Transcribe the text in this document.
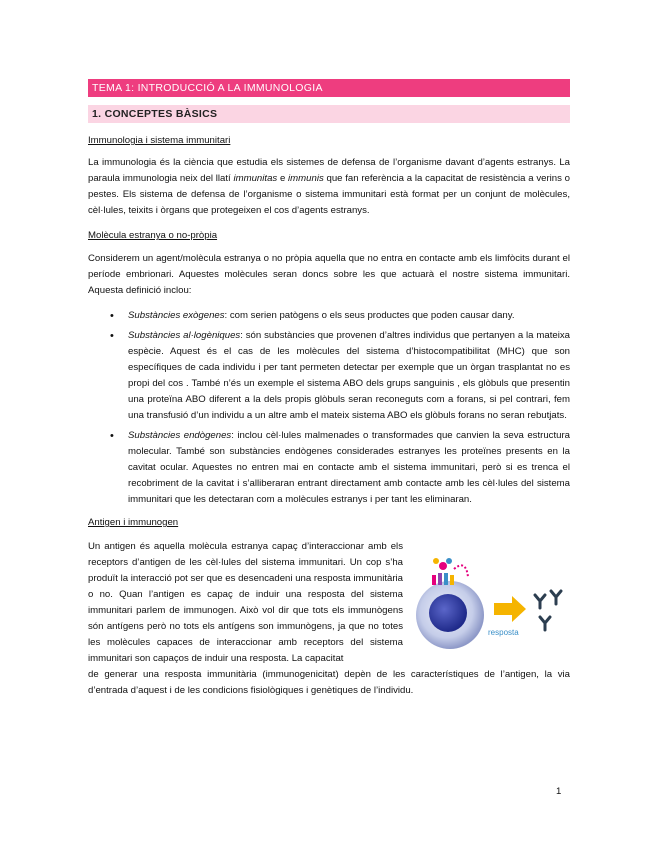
TEMA 1: INTRODUCCIÓ A LA IMMUNOLOGIA
1. CONCEPTES BÀSICS
Immunologia i sistema immunitari

La immunologia és la ciència que estudia els sistemes de defensa de l’organisme davant d’agents estranys. La paraula immunologia neix del llatí immunitas e immunis que fan referència a la capacitat de resistència a verins o pestes. Els sistema de defensa de l’organisme o sistema immunitari està format per un conjunt de molècules, cèl·lules, teixits i òrgans que protegeixen el cos d’agents estranys.

Molècula estranya o no-pròpia

Considerem un agent/molècula estranya o no pròpia aquella que no entra en contacte amb els limfòcits durant el període embrionari. Aquestes molècules seran doncs sobre les que actuarà el nostre sistema immunitari. Aquesta definició inclou:

• Substàncies exògenes: com serien patògens o els seus productes que poden causar dany.
• Substàncies al·logèniques: són substàncies que provenen d’altres individus que pertanyen a la mateixa espècie. Aquest és el cas de les molècules del sistema d’histocompatibilitat (MHC) que son específiques de cada individu i per tant permeten detectar per exemple que un òrgan trasplantat no es propi del cos . També n’és un exemple el sistema ABO dels grups sanguinis , els glòbuls que presentin una proteïna ABO diferent a la dels propis glòbuls seran reconeguts com a forans, si pel contrari, fem una transfusió d’un individu a un altre amb el mateix sistema ABO els glòbuls forans no seran rebutjats.
• Substàncies endògenes: inclou cèl·lules malmenades o transformades que canvien la seva estructura molecular. També son substàncies endògenes considerades estranyes les proteïnes presents en la cavitat ocular. Aquestes no entren mai en contacte amb el sistema immunitari, però si es trenca el recobriment de la cavitat i s’alliberaran entrant directament amb contacte amb les cèl·lules del sistema immunitari que les detectaran com a molècules estranys i per tant les eliminaran.
Antigen i immunogen

Un antigen és aquella molècula estranya capaç d’interaccionar amb els receptors d’antigen de les cèl·lules del sistema immunitari. Un cop s’ha produït la interacció pot ser que es desencadeni una resposta immunitària o no. Quan l’antigen es capaç de induir una resposta del sistema immunitari parlem de immunogen. Això vol dir que tots els immunògens són antígens però no tots els antígens son immunògens, ja que no totes les molècules capaces de interaccionar amb receptors del sistema immunitari son capaços de induir una resposta. La capacitat

de generar una resposta immunitària (immunogenicitat) depèn de les característiques de l’antigen, la via d’entrada d’aquest i de les condicions fisiològiques i genètiques de l’individu.

resposta
1
